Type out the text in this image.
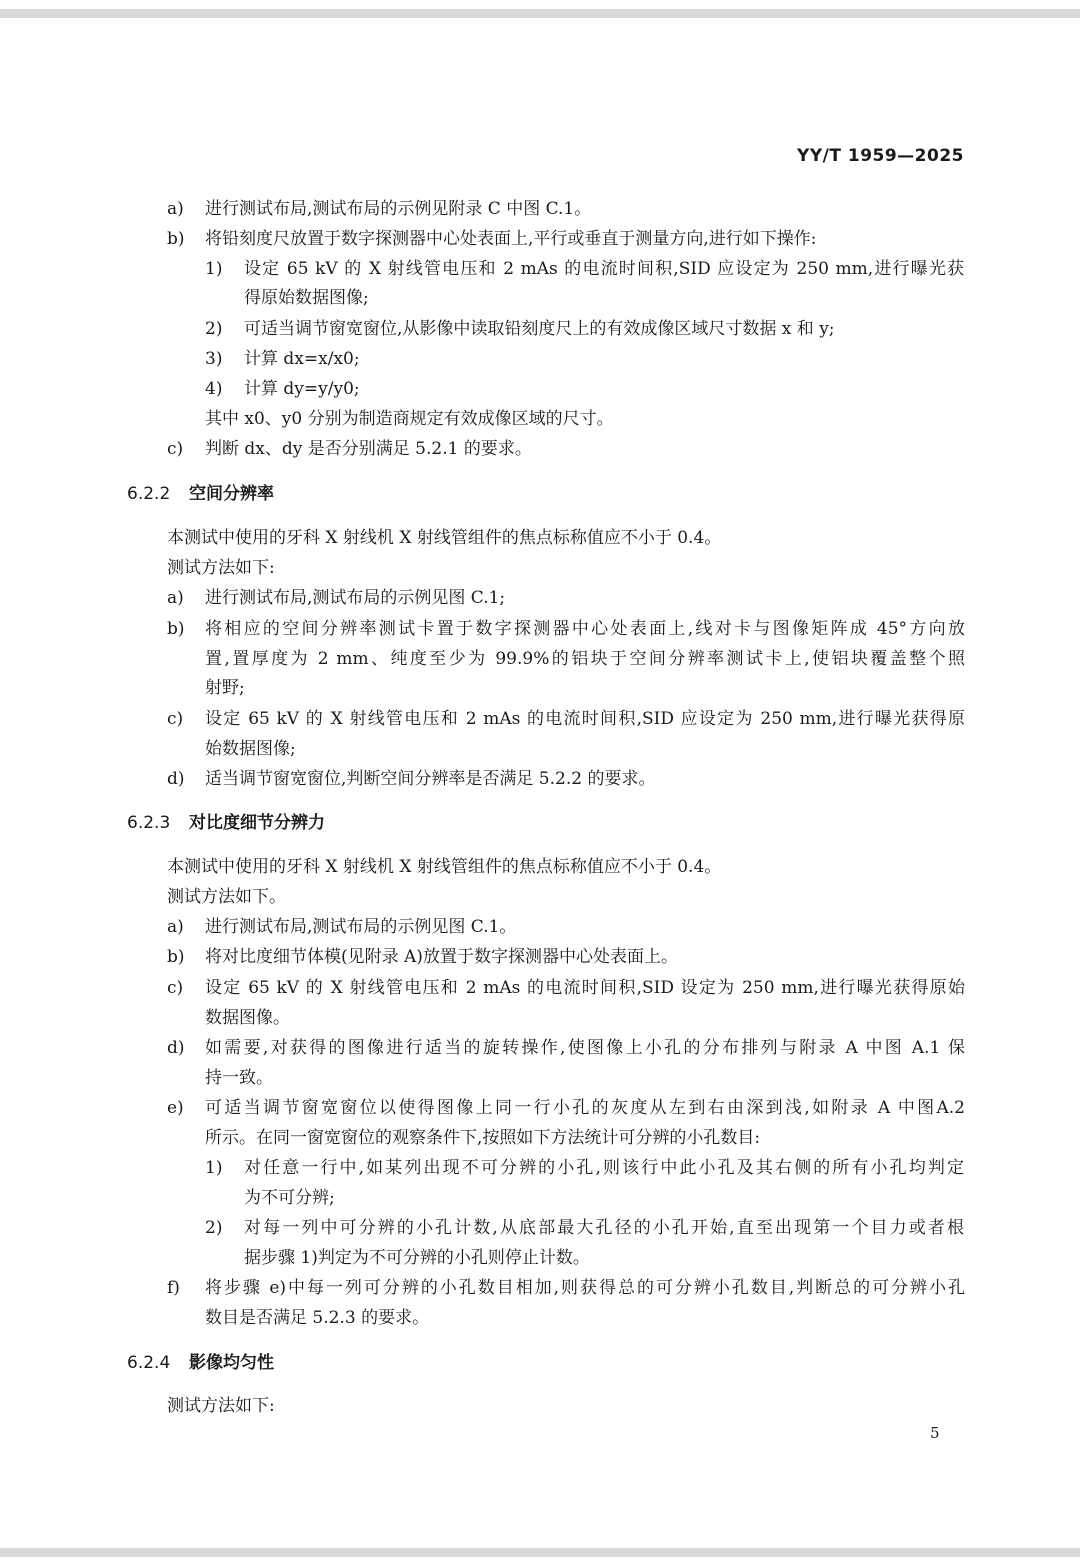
YY/T 1959—2025
a) 进行测试布局,测试布局的示例见附录 C 中图 C.1。
b) 将铅刻度尺放置于数字探测器中心处表面上,平行或垂直于测量方向,进行如下操作:
1) 设定 65 kV 的 X 射线管电压和 2 mAs 的电流时间积,SID 应设定为 250 mm,进行曝光获
得原始数据图像;
2) 可适当调节窗宽窗位,从影像中读取铅刻度尺上的有效成像区域尺寸数据 x 和 y;
3) 计算 dx=x/x0;
4) 计算 dy=y/y0;
其中 x0、y0 分别为制造商规定有效成像区域的尺寸。
c) 判断 dx、dy 是否分别满足 5.2.1 的要求。
6.2.2 空间分辨率
本测试中使用的牙科 X 射线机 X 射线管组件的焦点标称值应不小于 0.4。
测试方法如下:
a) 进行测试布局,测试布局的示例见图 C.1;
b) 将相应的空间分辨率测试卡置于数字探测器中心处表面上,线对卡与图像矩阵成 45°方向放
置,置厚度为 2 mm、纯度至少为 99.9%的铝块于空间分辨率测试卡上,使铝块覆盖整个照
射野;
c) 设定 65 kV 的 X 射线管电压和 2 mAs 的电流时间积,SID 应设定为 250 mm,进行曝光获得原
始数据图像;
d) 适当调节窗宽窗位,判断空间分辨率是否满足 5.2.2 的要求。
6.2.3 对比度细节分辨力
本测试中使用的牙科 X 射线机 X 射线管组件的焦点标称值应不小于 0.4。
测试方法如下。
a) 进行测试布局,测试布局的示例见图 C.1。
b) 将对比度细节体模(见附录 A)放置于数字探测器中心处表面上。
c) 设定 65 kV 的 X 射线管电压和 2 mAs 的电流时间积,SID 设定为 250 mm,进行曝光获得原始
数据图像。
d) 如需要,对获得的图像进行适当的旋转操作,使图像上小孔的分布排列与附录 A 中图 A.1 保
持一致。
e) 可适当调节窗宽窗位以使得图像上同一行小孔的灰度从左到右由深到浅,如附录 A 中图A.2
所示。在同一窗宽窗位的观察条件下,按照如下方法统计可分辨的小孔数目:
1) 对任意一行中,如某列出现不可分辨的小孔,则该行中此小孔及其右侧的所有小孔均判定
为不可分辨;
2) 对每一列中可分辨的小孔计数,从底部最大孔径的小孔开始,直至出现第一个目力或者根
据步骤 1)判定为不可分辨的小孔则停止计数。
f) 将步骤 e)中每一列可分辨的小孔数目相加,则获得总的可分辨小孔数目,判断总的可分辨小孔
数目是否满足 5.2.3 的要求。
6.2.4 影像均匀性
测试方法如下:
5
